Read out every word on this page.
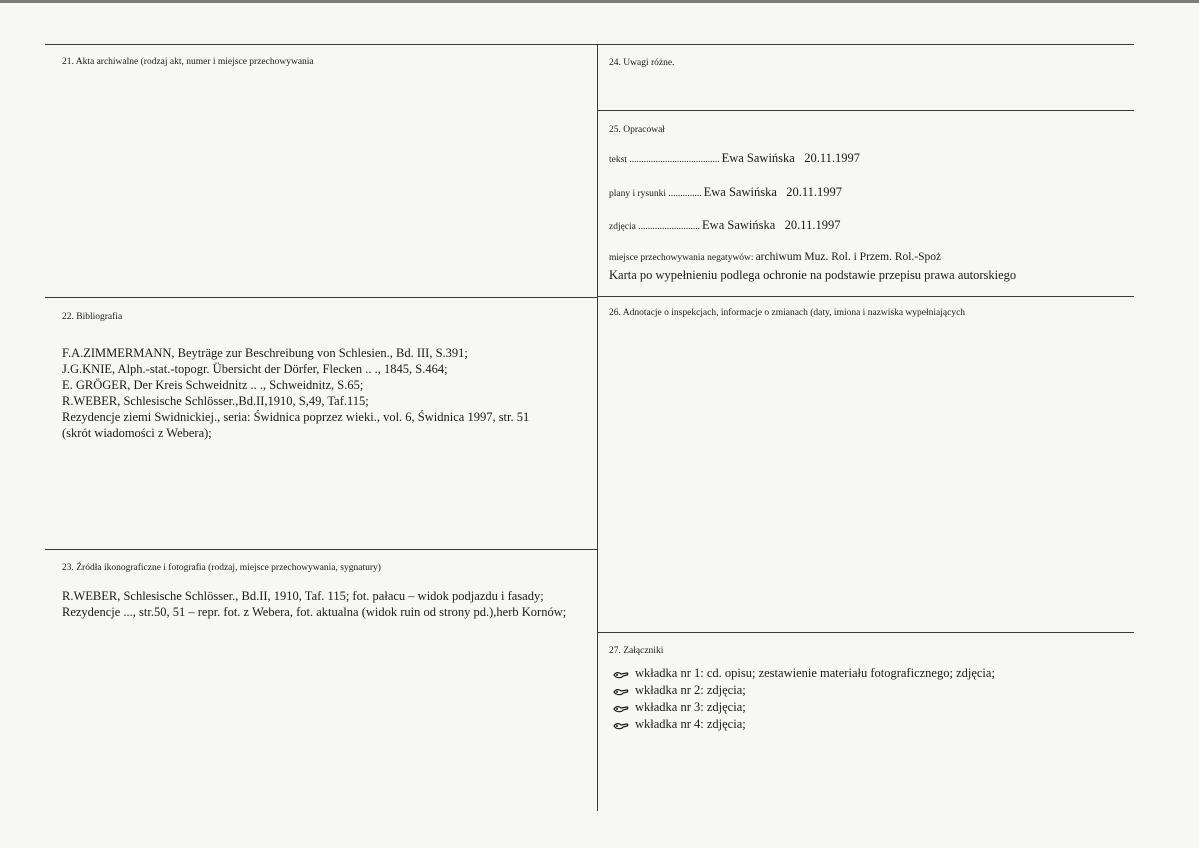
21. Akta archiwalne (rodzaj akt, numer i miejsce przechowywania
22. Bibliografia
F.A.ZIMMERMANN, Beyträge zur Beschreibung von Schlesien., Bd. III, S.391;
J.G.KNIE, Alph.-stat.-topogr. Übersicht der Dörfer, Flecken .. ., 1845, S.464;
E. GRÖGER, Der Kreis Schweidnitz .. ., Schweidnitz, S.65;
R.WEBER, Schlesische Schlösser.,Bd.II,1910, S,49, Taf.115;
Rezydencje ziemi Swidnickiej., seria: Świdnica poprzez wieki., vol. 6, Świdnica 1997, str. 51 (skrót wiadomości z Webera);
23. Źródła ikonograficzne i fotografia (rodzaj, miejsce przechowywania, sygnatury)
R.WEBER, Schlesische Schlösser., Bd.II, 1910, Taf. 115; fot. pałacu – widok podjazdu i fasady; Rezydencje ..., str.50, 51 – repr. fot. z Webera, fot. aktualna (widok ruin od strony pd.),herb Kornów;
24. Uwagi różne.
25. Opracował
tekst ...................................... Ewa Sawińska   20.11.1997
plany i rysunki .............. Ewa Sawińska   20.11.1997
zdjęcia .......................... Ewa Sawińska   20.11.1997
miejsce przechowywania negatywów: archiwum Muz. Rol. i Przem. Rol.-Spoż
Karta po wypełnieniu podlega ochronie na podstawie przepisu prawa autorskiego
26. Adnotacje o inspekcjach, informacje o zmianach (daty, imiona i nazwiska wypełniających
27. Załączniki
wkładka nr 1: cd. opisu; zestawienie materiału fotograficznego; zdjęcia;
wkładka nr 2: zdjęcia;
wkładka nr 3: zdjęcia;
wkładka nr 4: zdjęcia;
